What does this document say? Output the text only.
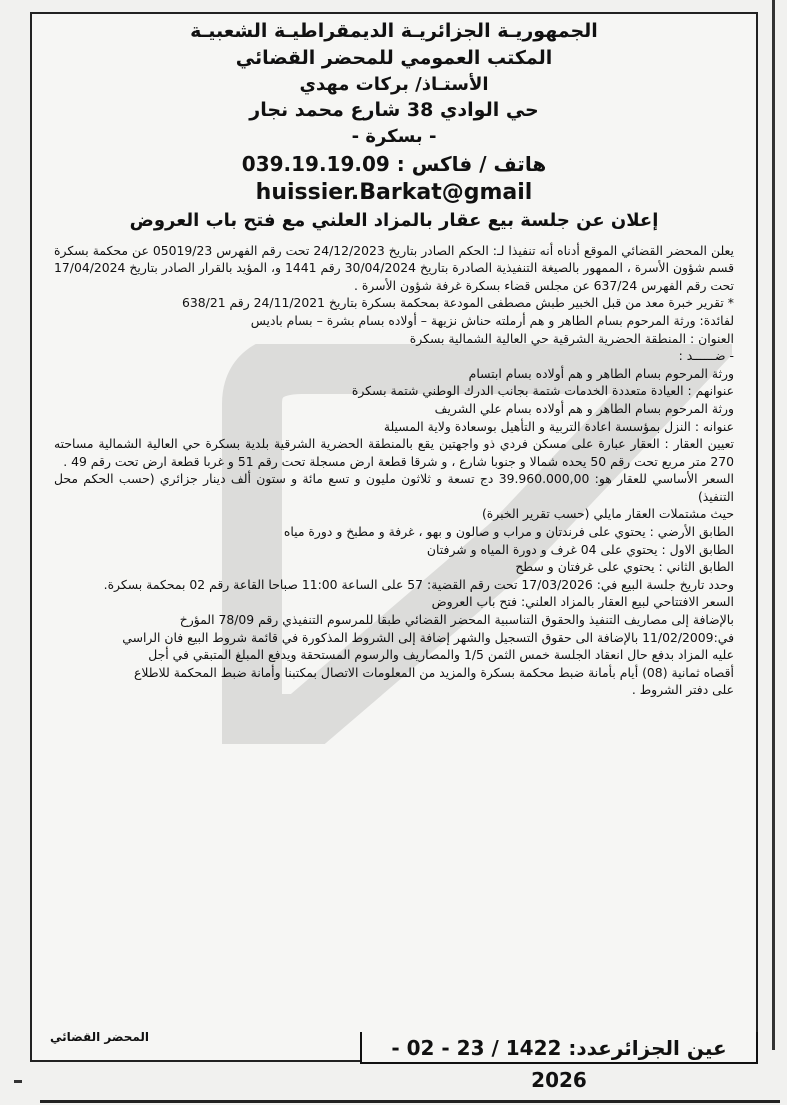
الجمهوريـة الجزائريـة الديمقراطيـة الشعبيـة
المكتب العمومي للمحضر القضائي
الأستـاذ/ بركات مهدي
حي الوادي 38 شارع محمد نجار
- بسكرة -
هاتف / فاكس : 039.19.19.09
huissier.Barkat@gmail
إعلان عن جلسة بيع عقار بالمزاد العلني مع فتح باب العروض

يعلن المحضر القضائي الموقع أدناه أنه تنفيذا لـ: الحكم الصادر بتاريخ 24/12/2023 تحت رقم الفهرس 05019/23 عن محكمة بسكرة قسم شؤون الأسرة ، الممهور بالصيغة التنفيذية الصادرة بتاريخ 30/04/2024 رقم 1441 و، المؤيد بالقرار الصادر بتاريخ 17/04/2024 تحت رقم الفهرس 637/24 عن مجلس قضاء بسكرة غرفة شؤون الأسرة .

* تقرير خبرة معد من قبل الخبير طبش مصطفى المودعة بمحكمة بسكرة بتاريخ 24/11/2021 رقم 638/21

لفائدة: ورثة المرحوم بسام الطاهر و هم أرملته حناش نزيهة – أولاده بسام بشرة – بسام باديس

العنوان : المنطقة الحضرية الشرقية حي العالية الشمالية بسكرة

- ضــــــد :

ورثة المرحوم بسام الطاهر و هم أولاده بسام ابتسام

عنوانهم : العيادة متعددة الخدمات شتمة بجانب الدرك الوطني شتمة بسكرة

ورثة المرحوم بسام الطاهر و هم أولاده بسام علي الشريف

عنوانه : النزل بمؤسسة اعادة التربية و التأهيل بوسعادة ولاية المسيلة

تعيين العقار : العقار عبارة على مسكن فردي ذو واجهتين يقع بالمنطقة الحضرية الشرقية بلدية بسكرة حي العالية الشمالية مساحته 270 متر مربع تحت رقم 50 يحده شمالا و جنوبا شارع ، و شرقا قطعة ارض مسجلة تحت رقم 51 و غربا قطعة ارض تحت رقم 49 .

السعر الأساسي للعقار هو: 39.960.000,00 دج تسعة و ثلاثون مليون و تسع مائة و ستون ألف دينار جزائري (حسب الحكم محل التنفيذ)

حيث مشتملات العقار مايلي (حسب تقرير الخبرة)

الطابق الأرضي : يحتوي على فرندتان و مراب و صالون و بهو ، غرفة و مطبخ و دورة مياه

الطابق الاول : يحتوي على 04 غرف و دورة المياه و شرفتان

الطابق الثاني : يحتوي على غرفتان و سطح

وحدد تاريخ جلسة البيع في: 17/03/2026 تحت رقم القضية: 57 على الساعة 11:00 صباحا القاعة رقم 02 بمحكمة بسكرة.

السعر الافتتاحي لبيع العقار بالمزاد العلني: فتح باب العروض

بالإضافة إلى مصاريف التنفيذ والحقوق التناسبية المحضر القضائي طبقا للمرسوم التنفيذي رقم 78/09 المؤرخ

في:11/02/2009 بالإضافة الى حقوق التسجيل والشهر إضافة إلى الشروط المذكورة في قائمة شروط البيع فان الراسي

عليه المزاد بدفع حال انعقاد الجلسة خمس الثمن 1/5 والمصاريف والرسوم المستحقة ويدفع المبلغ المتبقي في أجل

أقصاه ثمانية (08) أيام بأمانة ضبط محكمة بسكرة والمزيد من المعلومات الاتصال بمكتبنا وأمانة ضبط المحكمة للاطلاع

على دفتر الشروط .

المحضر القضائي	عين الجزائرعدد: 1422 / 23 - 02 - 2026
